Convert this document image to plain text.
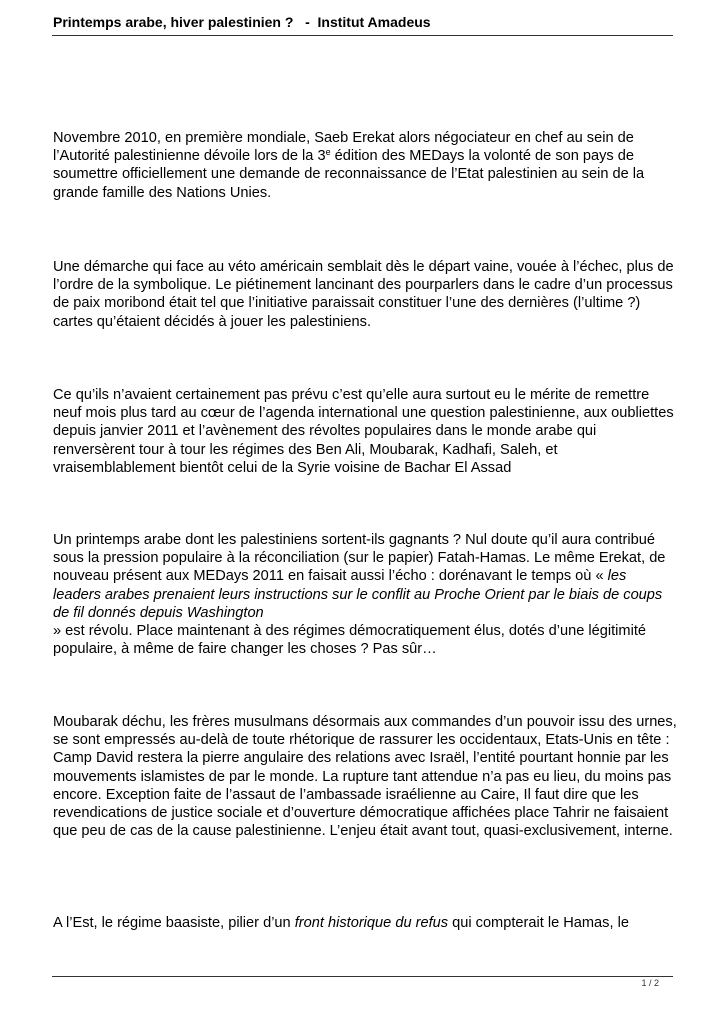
Printemps arabe, hiver palestinien ?   -  Institut Amadeus

Novembre 2010, en première mondiale, Saeb Erekat alors négociateur en chef au sein de l’Autorité palestinienne dévoile lors de la 3e édition des MEDays la volonté de son pays de soumettre officiellement une demande de reconnaissance de l’Etat palestinien au sein de la grande famille des Nations Unies.

Une démarche qui face au véto américain semblait dès le départ vaine, vouée à l’échec, plus de l’ordre de la symbolique. Le piétinement lancinant des pourparlers dans le cadre d’un processus de paix moribond était tel que l’initiative paraissait constituer l’une des dernières (l’ultime ?) cartes qu’étaient décidés à jouer les palestiniens.

Ce qu’ils n’avaient certainement pas prévu c’est qu’elle aura surtout eu le mérite de remettre neuf mois plus tard au cœur de l’agenda international une question palestinienne, aux oubliettes depuis janvier 2011 et l’avènement des révoltes populaires dans le monde arabe qui renversèrent tour à tour les régimes des Ben Ali, Moubarak, Kadhafi, Saleh, et vraisemblablement bientôt celui de la Syrie voisine de Bachar El Assad

Un printemps arabe dont les palestiniens sortent-ils gagnants ? Nul doute qu’il aura contribué sous la pression populaire à la réconciliation (sur le papier) Fatah-Hamas. Le même Erekat, de nouveau présent aux MEDays 2011 en faisait aussi l’écho : dorénavant le temps où « les leaders arabes prenaient leurs instructions sur le conflit au Proche Orient par le biais de coups de fil donnés depuis Washington
» est révolu. Place maintenant à des régimes démocratiquement élus, dotés d’une légitimité populaire, à même de faire changer les choses ? Pas sûr…

Moubarak déchu, les frères musulmans désormais aux commandes d’un pouvoir issu des urnes, se sont empressés au-delà de toute rhétorique de rassurer les occidentaux, Etats-Unis en tête : Camp David restera la pierre angulaire des relations avec Israël, l’entité pourtant honnie par les mouvements islamistes de par le monde. La rupture tant attendue n’a pas eu lieu, du moins pas encore. Exception faite de l’assaut de l’ambassade israélienne au Caire, Il faut dire que les revendications de justice sociale et d’ouverture démocratique affichées place Tahrir ne faisaient que peu de cas de la cause palestinienne. L’enjeu était avant tout, quasi-exclusivement, interne.

A l’Est, le régime baasiste, pilier d’un front historique du refus qui compterait le Hamas, le

1 / 2
